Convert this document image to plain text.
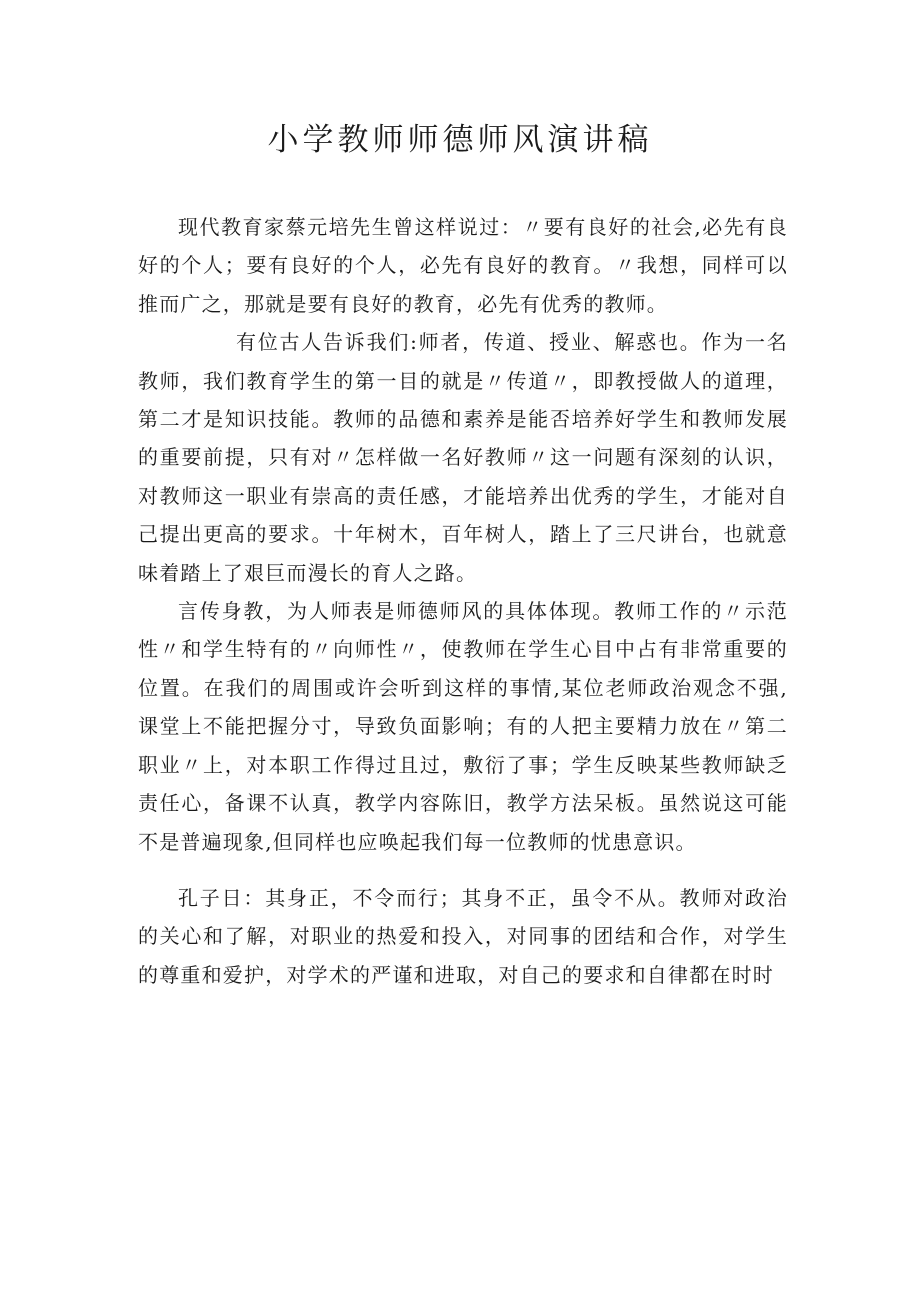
小学教师师德师风演讲稿

现代教育家蔡元培先生曾这样说过：〃要有良好的社会,必先有良好的个人；要有良好的个人，必先有良好的教育。〃我想，同样可以推而广之，那就是要有良好的教育，必先有优秀的教师。

有位古人告诉我们:师者，传道、授业、解惑也。作为一名教师，我们教育学生的第一目的就是〃传道〃，即教授做人的道理，第二才是知识技能。教师的品德和素养是能否培养好学生和教师发展的重要前提，只有对〃怎样做一名好教师〃这一问题有深刻的认识，对教师这一职业有崇高的责任感，才能培养出优秀的学生，才能对自己提出更高的要求。十年树木，百年树人，踏上了三尺讲台，也就意味着踏上了艰巨而漫长的育人之路。

言传身教，为人师表是师德师风的具体体现。教师工作的〃示范性〃和学生特有的〃向师性〃，使教师在学生心目中占有非常重要的位置。在我们的周围或许会听到这样的事情,某位老师政治观念不强,课堂上不能把握分寸，导致负面影响；有的人把主要精力放在〃第二职业〃上，对本职工作得过且过，敷衍了事；学生反映某些教师缺乏责任心，备课不认真，教学内容陈旧，教学方法呆板。虽然说这可能不是普遍现象,但同样也应唤起我们每一位教师的忧患意识。

孔子日：其身正，不令而行；其身不正，虽令不从。教师对政治的关心和了解，对职业的热爱和投入，对同事的团结和合作，对学生的尊重和爱护，对学术的严谨和进取，对自己的要求和自律都在时时
